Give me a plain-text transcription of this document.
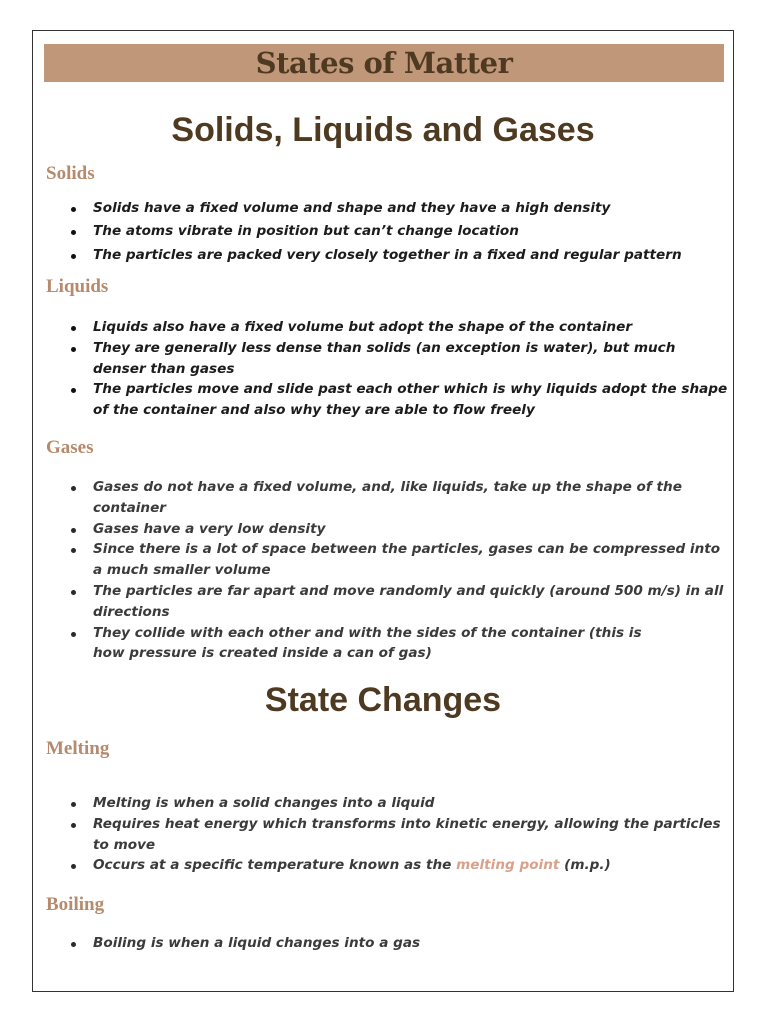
States of Matter
Solids, Liquids and Gases
Solids
Solids have a fixed volume and shape and they have a high density
The atoms vibrate in position but can’t change location
The particles are packed very closely together in a fixed and regular pattern
Liquids
Liquids also have a fixed volume but adopt the shape of the container
They are generally less dense than solids (an exception is water), but much denser than gases
The particles move and slide past each other which is why liquids adopt the shape of the container and also why they are able to flow freely
Gases
Gases do not have a fixed volume, and, like liquids, take up the shape of the container
Gases have a very low density
Since there is a lot of space between the particles, gases can be compressed into a much smaller volume
The particles are far apart and move randomly and quickly (around 500 m/s) in all directions
They collide with each other and with the sides of the container (this is how pressure is created inside a can of gas)
State Changes
Melting
Melting is when a solid changes into a liquid
Requires heat energy which transforms into kinetic energy, allowing the particles to move
Occurs at a specific temperature known as the melting point (m.p.)
Boiling
Boiling is when a liquid changes into a gas
